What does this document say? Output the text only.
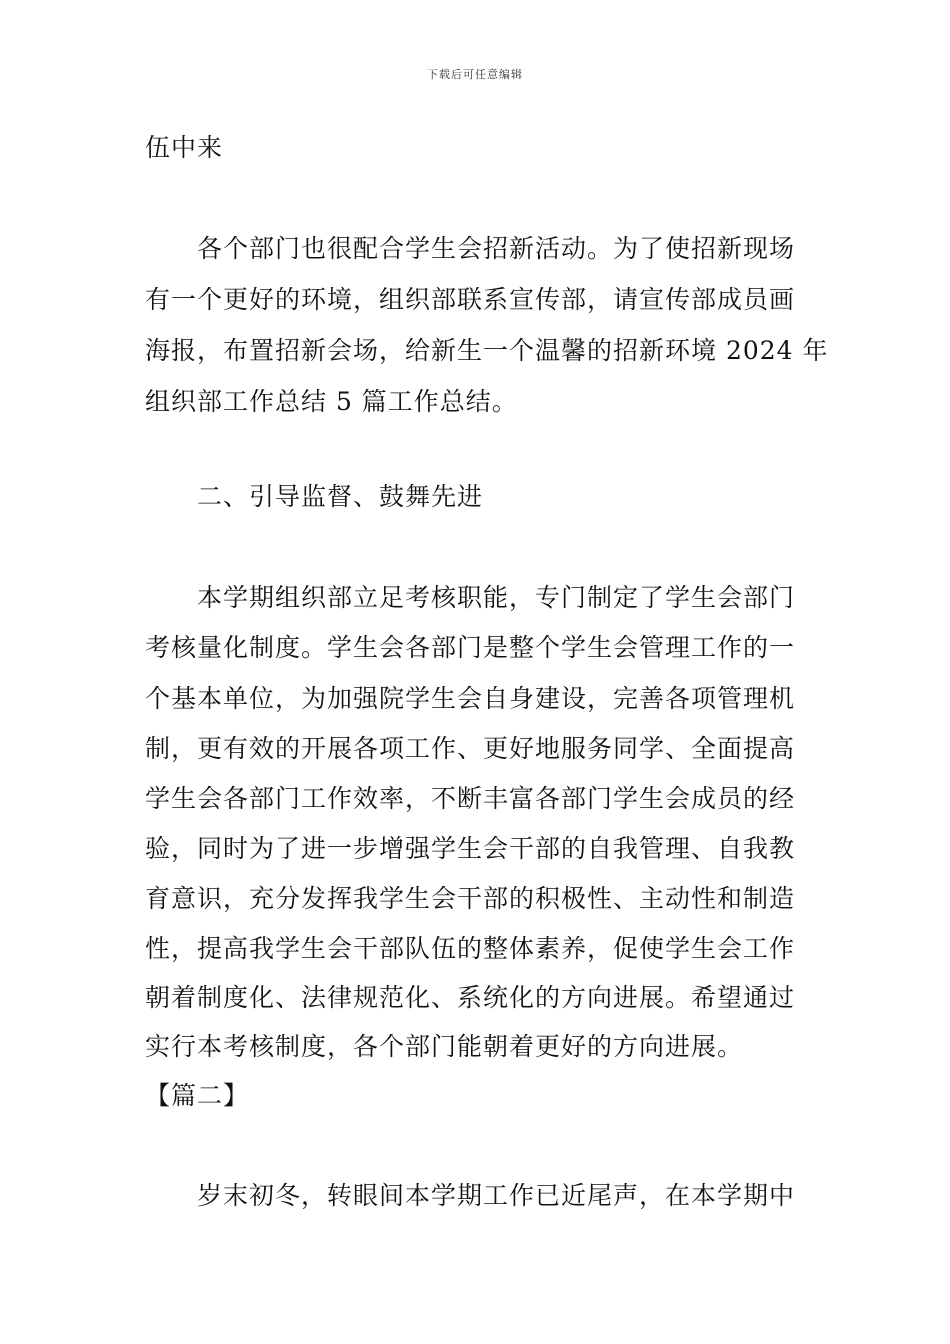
下载后可任意编辑
伍中来
各个部门也很配合学生会招新活动。为了使招新现场
有一个更好的环境，组织部联系宣传部，请宣传部成员画
海报，布置招新会场，给新生一个温馨的招新环境 2024 年
组织部工作总结 5 篇工作总结。
二、引导监督、鼓舞先进
本学期组织部立足考核职能，专门制定了学生会部门
考核量化制度。学生会各部门是整个学生会管理工作的一
个基本单位，为加强院学生会自身建设，完善各项管理机
制，更有效的开展各项工作、更好地服务同学、全面提高
学生会各部门工作效率，不断丰富各部门学生会成员的经
验，同时为了进一步增强学生会干部的自我管理、自我教
育意识，充分发挥我学生会干部的积极性、主动性和制造
性，提高我学生会干部队伍的整体素养，促使学生会工作
朝着制度化、法律规范化、系统化的方向进展。希望通过
实行本考核制度，各个部门能朝着更好的方向进展。
【篇二】
岁末初冬，转眼间本学期工作已近尾声，在本学期中
